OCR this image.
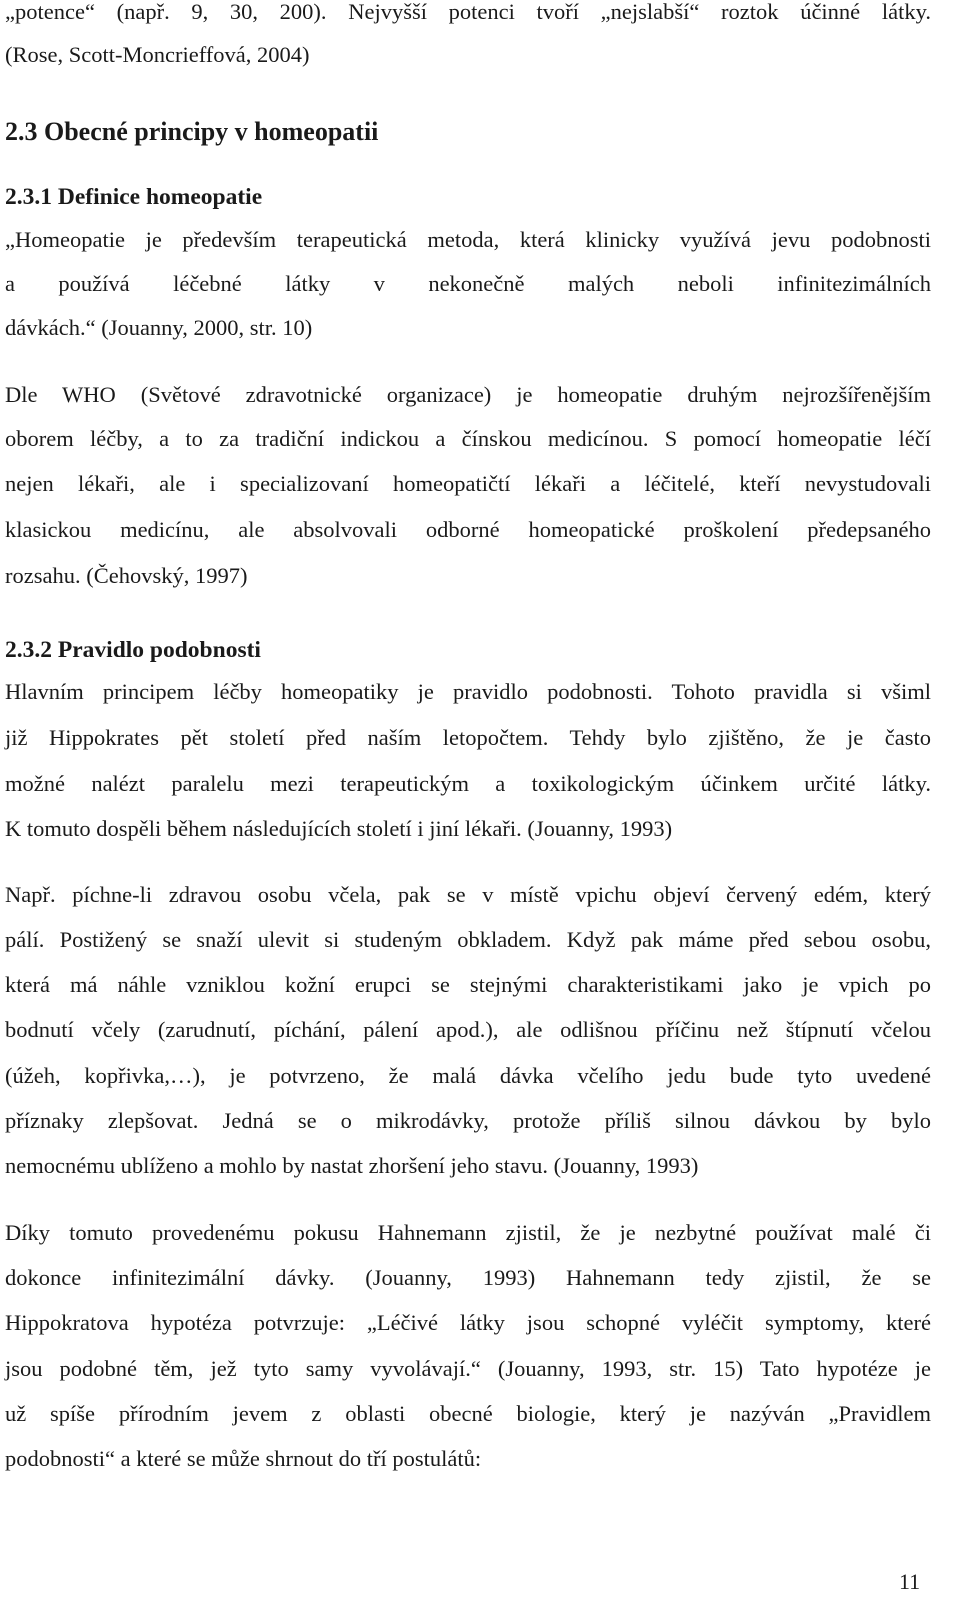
„potence“ (např. 9, 30, 200). Nejvyšší potenci tvoří „nejslabší“ roztok účinné látky.
(Rose, Scott-Moncrieffová, 2004)
2.3 Obecné principy v homeopatii
2.3.1 Definice homeopatie
„Homeopatie je především terapeutická metoda, která klinicky využívá jevu podobnosti
a používá léčebné látky v nekonečně malých neboli infinitezimálních
dávkách.“ (Jouanny, 2000, str. 10)
Dle WHO (Světové zdravotnické organizace) je homeopatie druhým nejrozšířenějším
oborem léčby, a to za tradiční indickou a čínskou medicínou. S pomocí homeopatie léčí
nejen lékaři, ale i specializovaní homeopatičtí lékaři a léčitelé, kteří nevystudovali
klasickou medicínu, ale absolvovali odborné homeopatické proškolení předepsaného
rozsahu. (Čehovský, 1997)
2.3.2 Pravidlo podobnosti
Hlavním principem léčby homeopatiky je pravidlo podobnosti. Tohoto pravidla si všiml
již Hippokrates pět století před naším letopočtem. Tehdy bylo zjištěno, že je často
možné nalézt paralelu mezi terapeutickým a toxikologickým účinkem určité látky.
K tomuto dospěli během následujících století i jiní lékaři. (Jouanny, 1993)
Např. píchne-li zdravou osobu včela, pak se v místě vpichu objeví červený edém, který
pálí. Postižený se snaží ulevit si studeným obkladem. Když pak máme před sebou osobu,
která má náhle vzniklou kožní erupci se stejnými charakteristikami jako je vpich po
bodnutí včely (zarudnutí, píchání, pálení apod.), ale odlišnou příčinu než štípnutí včelou
(úžeh, kopřivka,…), je potvrzeno, že malá dávka včelího jedu bude tyto uvedené
příznaky zlepšovat. Jedná se o mikrodávky, protože příliš silnou dávkou by bylo
nemocnému ublíženo a mohlo by nastat zhoršení jeho stavu. (Jouanny, 1993)
Díky tomuto provedenému pokusu Hahnemann zjistil, že je nezbytné používat malé či
dokonce infinitezimální dávky. (Jouanny, 1993) Hahnemann tedy zjistil, že se
Hippokratova hypotéza potvrzuje: „Léčivé látky jsou schopné vyléčit symptomy, které
jsou podobné těm, jež tyto samy vyvolávají.“ (Jouanny, 1993, str. 15) Tato hypotéze je
už spíše přírodním jevem z oblasti obecné biologie, který je nazýván „Pravidlem
podobnosti“ a které se může shrnout do tří postulátů:
11
